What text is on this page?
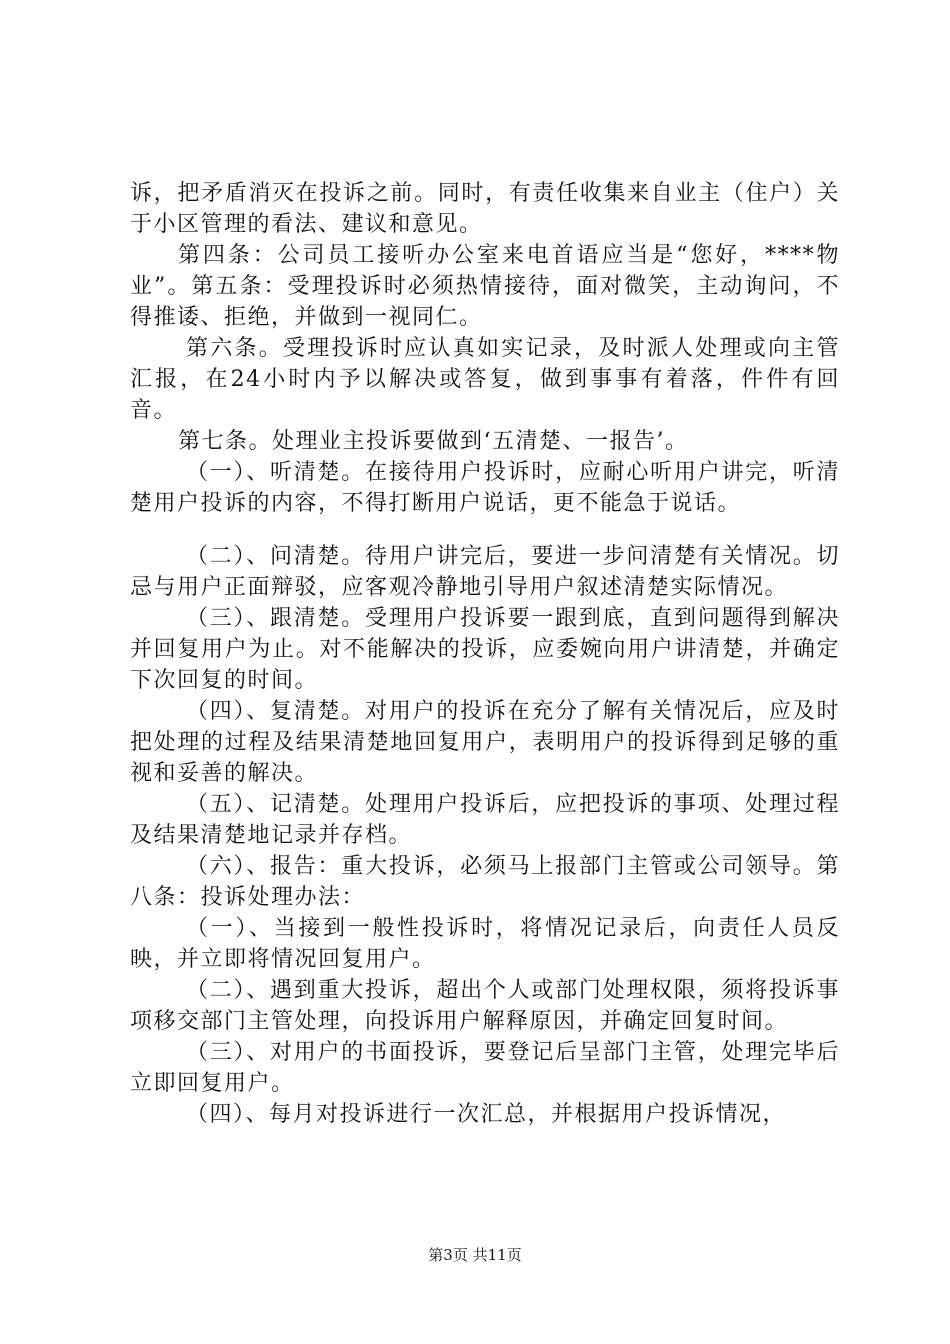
诉，把矛盾消灭在投诉之前。同时，有责任收集来自业主（住户）关于小区管理的看法、建议和意见。

第四条：公司员工接听办公室来电首语应当是“您好，****物业”。第五条：受理投诉时必须热情接待，面对微笑，主动询问，不得推诿、拒绝，并做到一视同仁。

第六条。受理投诉时应认真如实记录，及时派人处理或向主管汇报，在24小时内予以解决或答复，做到事事有着落，件件有回音。

第七条。处理业主投诉要做到‘五清楚、一报告’。

（一）、听清楚。在接待用户投诉时，应耐心听用户讲完，听清楚用户投诉的内容，不得打断用户说话，更不能急于说话。

（二）、问清楚。待用户讲完后，要进一步问清楚有关情况。切忌与用户正面辩驳，应客观冷静地引导用户叙述清楚实际情况。

（三）、跟清楚。受理用户投诉要一跟到底，直到问题得到解决并回复用户为止。对不能解决的投诉，应委婉向用户讲清楚，并确定下次回复的时间。

（四）、复清楚。对用户的投诉在充分了解有关情况后，应及时把处理的过程及结果清楚地回复用户，表明用户的投诉得到足够的重视和妥善的解决。

（五）、记清楚。处理用户投诉后，应把投诉的事项、处理过程及结果清楚地记录并存档。

（六）、报告：重大投诉，必须马上报部门主管或公司领导。第八条：投诉处理办法：

（一）、当接到一般性投诉时，将情况记录后，向责任人员反映，并立即将情况回复用户。

（二）、遇到重大投诉，超出个人或部门处理权限，须将投诉事项移交部门主管处理，向投诉用户解释原因，并确定回复时间。

（三）、对用户的书面投诉，要登记后呈部门主管，处理完毕后立即回复用户。

（四）、每月对投诉进行一次汇总，并根据用户投诉情况，

第3页 共11页
